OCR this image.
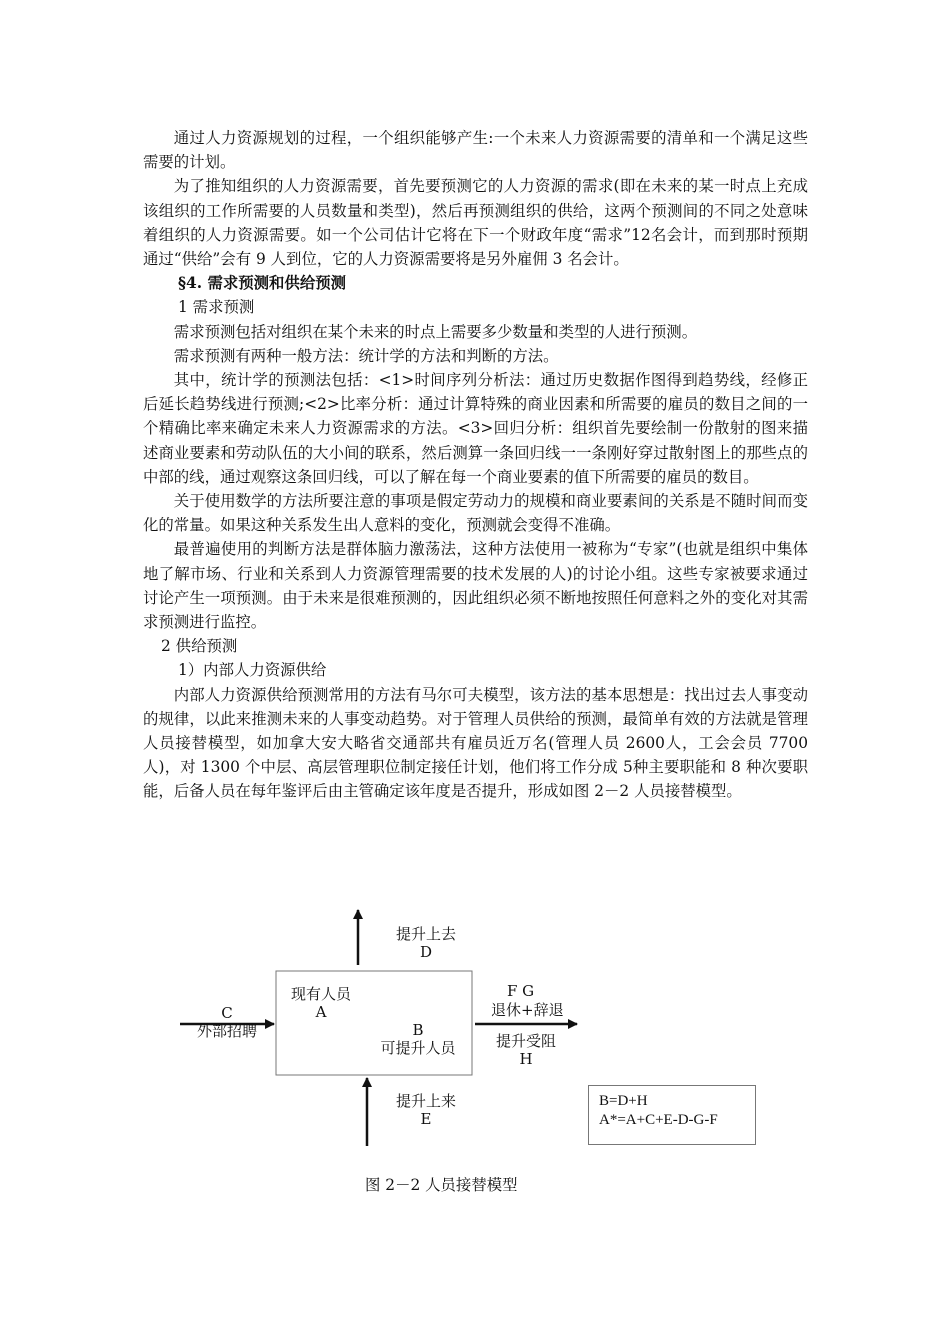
通过人力资源规划的过程，一个组织能够产生:一个未来人力资源需要的清单和一个满足这些需要的计划。

为了推知组织的人力资源需要，首先要预测它的人力资源的需求(即在未来的某一时点上充成该组织的工作所需要的人员数量和类型)，然后再预测组织的供给，这两个预测间的不同之处意味着组织的人力资源需要。如一个公司估计它将在下一个财政年度“需求”12名会计，而到那时预期通过“供给”会有 9 人到位，它的人力资源需要将是另外雇佣 3 名会计。

§4. 需求预测和供给预测

1 需求预测

需求预测包括对组织在某个未来的时点上需要多少数量和类型的人进行预测。

需求预测有两种一般方法：统计学的方法和判断的方法。

其中，统计学的预测法包括：<1>时间序列分析法：通过历史数据作图得到趋势线，经修正后延长趋势线进行预测;<2>比率分析：通过计算特殊的商业因素和所需要的雇员的数目之间的一个精确比率来确定未来人力资源需求的方法。<3>回归分析：组织首先要绘制一份散射的图来描述商业要素和劳动队伍的大小间的联系，然后测算一条回归线一一条刚好穿过散射图上的那些点的中部的线，通过观察这条回归线，可以了解在每一个商业要素的值下所需要的雇员的数目。

关于使用数学的方法所要注意的事项是假定劳动力的规模和商业要素间的关系是不随时间而变化的常量。如果这种关系发生出人意料的变化，预测就会变得不准确。

最普遍使用的判断方法是群体脑力激荡法，这种方法使用一被称为“专家”(也就是组织中集体地了解市场、行业和关系到人力资源管理需要的技术发展的人)的讨论小组。这些专家被要求通过讨论产生一项预测。由于未来是很难预测的，因此组织必须不断地按照任何意料之外的变化对其需求预测进行监控。

2 供给预测

1）内部人力资源供给

内部人力资源供给预测常用的方法有马尔可夫模型，该方法的基本思想是：找出过去人事变动的规律，以此来推测未来的人事变动趋势。对于管理人员供给的预测，最简单有效的方法就是管理人员接替模型，如加拿大安大略省交通部共有雇员近万名(管理人员 2600人，工会会员 7700 人)，对 1300 个中层、高层管理职位制定接任计划，他们将工作分成 5种主要职能和 8 种次要职能，后备人员在每年鉴评后由主管确定该年度是否提升，形成如图 2－2 人员接替模型。

提升上去
D
现有人员
A
B
可提升人员
C
外部招聘
F G
退休+辞退
提升受阻
H
提升上来
E
B=D+H
A*=A+C+E-D-G-F
图 2－2 人员接替模型
